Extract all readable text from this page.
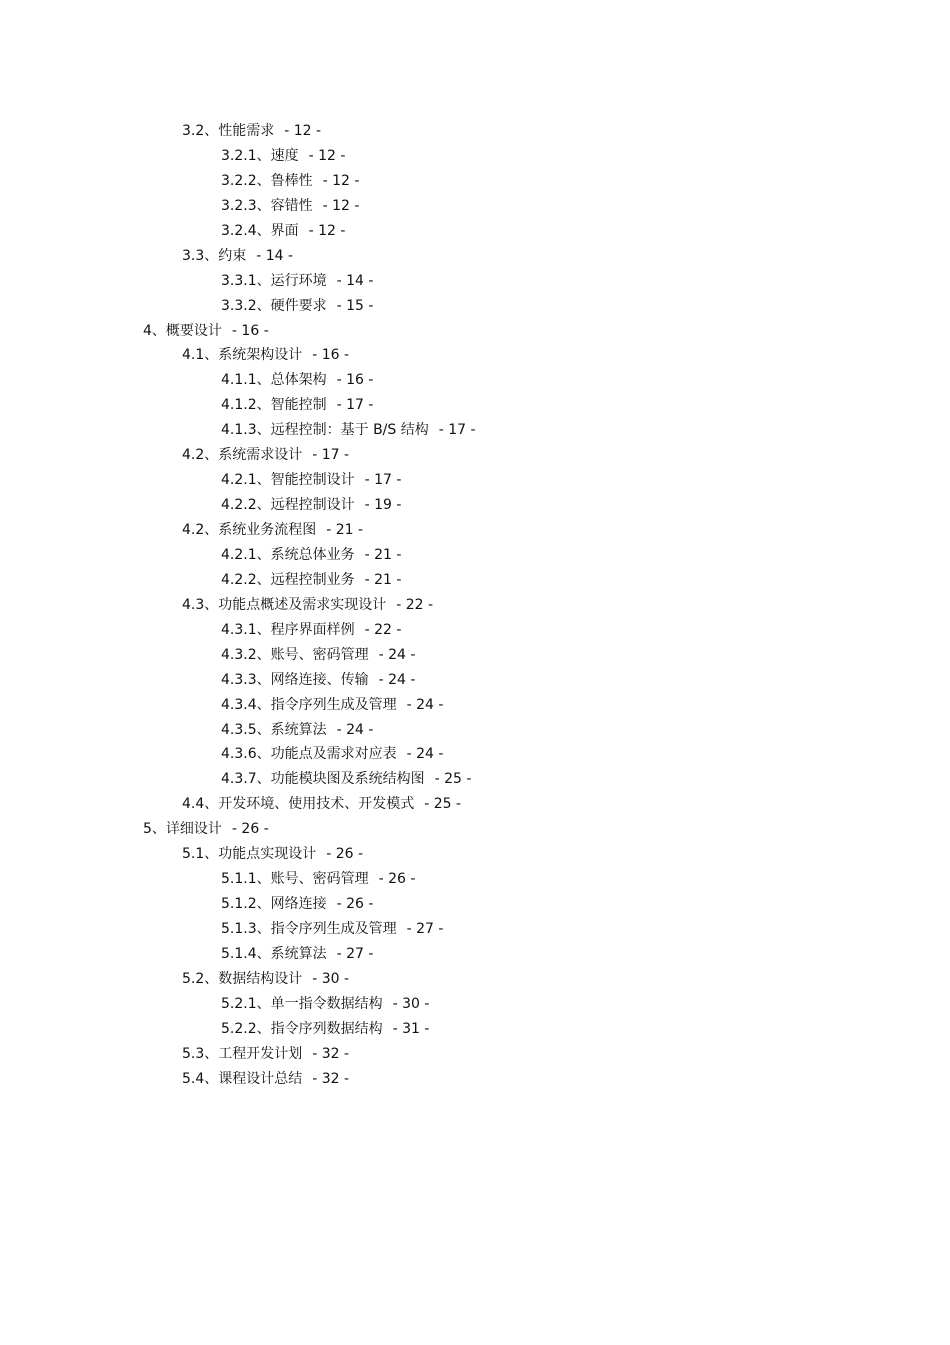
3.2、性能需求 - 12 -
3.2.1、速度 - 12 -
3.2.2、鲁棒性 - 12 -
3.2.3、容错性 - 12 -
3.2.4、界面 - 12 -
3.3、约束 - 14 -
3.3.1、运行环境 - 14 -
3.3.2、硬件要求 - 15 -
4、概要设计 - 16 -
4.1、系统架构设计 - 16 -
4.1.1、总体架构 - 16 -
4.1.2、智能控制 - 17 -
4.1.3、远程控制：基于 B/S 结构 - 17 -
4.2、系统需求设计 - 17 -
4.2.1、智能控制设计 - 17 -
4.2.2、远程控制设计 - 19 -
4.2、系统业务流程图 - 21 -
4.2.1、系统总体业务 - 21 -
4.2.2、远程控制业务 - 21 -
4.3、功能点概述及需求实现设计 - 22 -
4.3.1、程序界面样例 - 22 -
4.3.2、账号、密码管理 - 24 -
4.3.3、网络连接、传输 - 24 -
4.3.4、指令序列生成及管理 - 24 -
4.3.5、系统算法 - 24 -
4.3.6、功能点及需求对应表 - 24 -
4.3.7、功能模块图及系统结构图 - 25 -
4.4、开发环境、使用技术、开发模式 - 25 -
5、详细设计 - 26 -
5.1、功能点实现设计 - 26 -
5.1.1、账号、密码管理 - 26 -
5.1.2、网络连接 - 26 -
5.1.3、指令序列生成及管理 - 27 -
5.1.4、系统算法 - 27 -
5.2、数据结构设计 - 30 -
5.2.1、单一指令数据结构 - 30 -
5.2.2、指令序列数据结构 - 31 -
5.3、工程开发计划 - 32 -
5.4、课程设计总结 - 32 -
